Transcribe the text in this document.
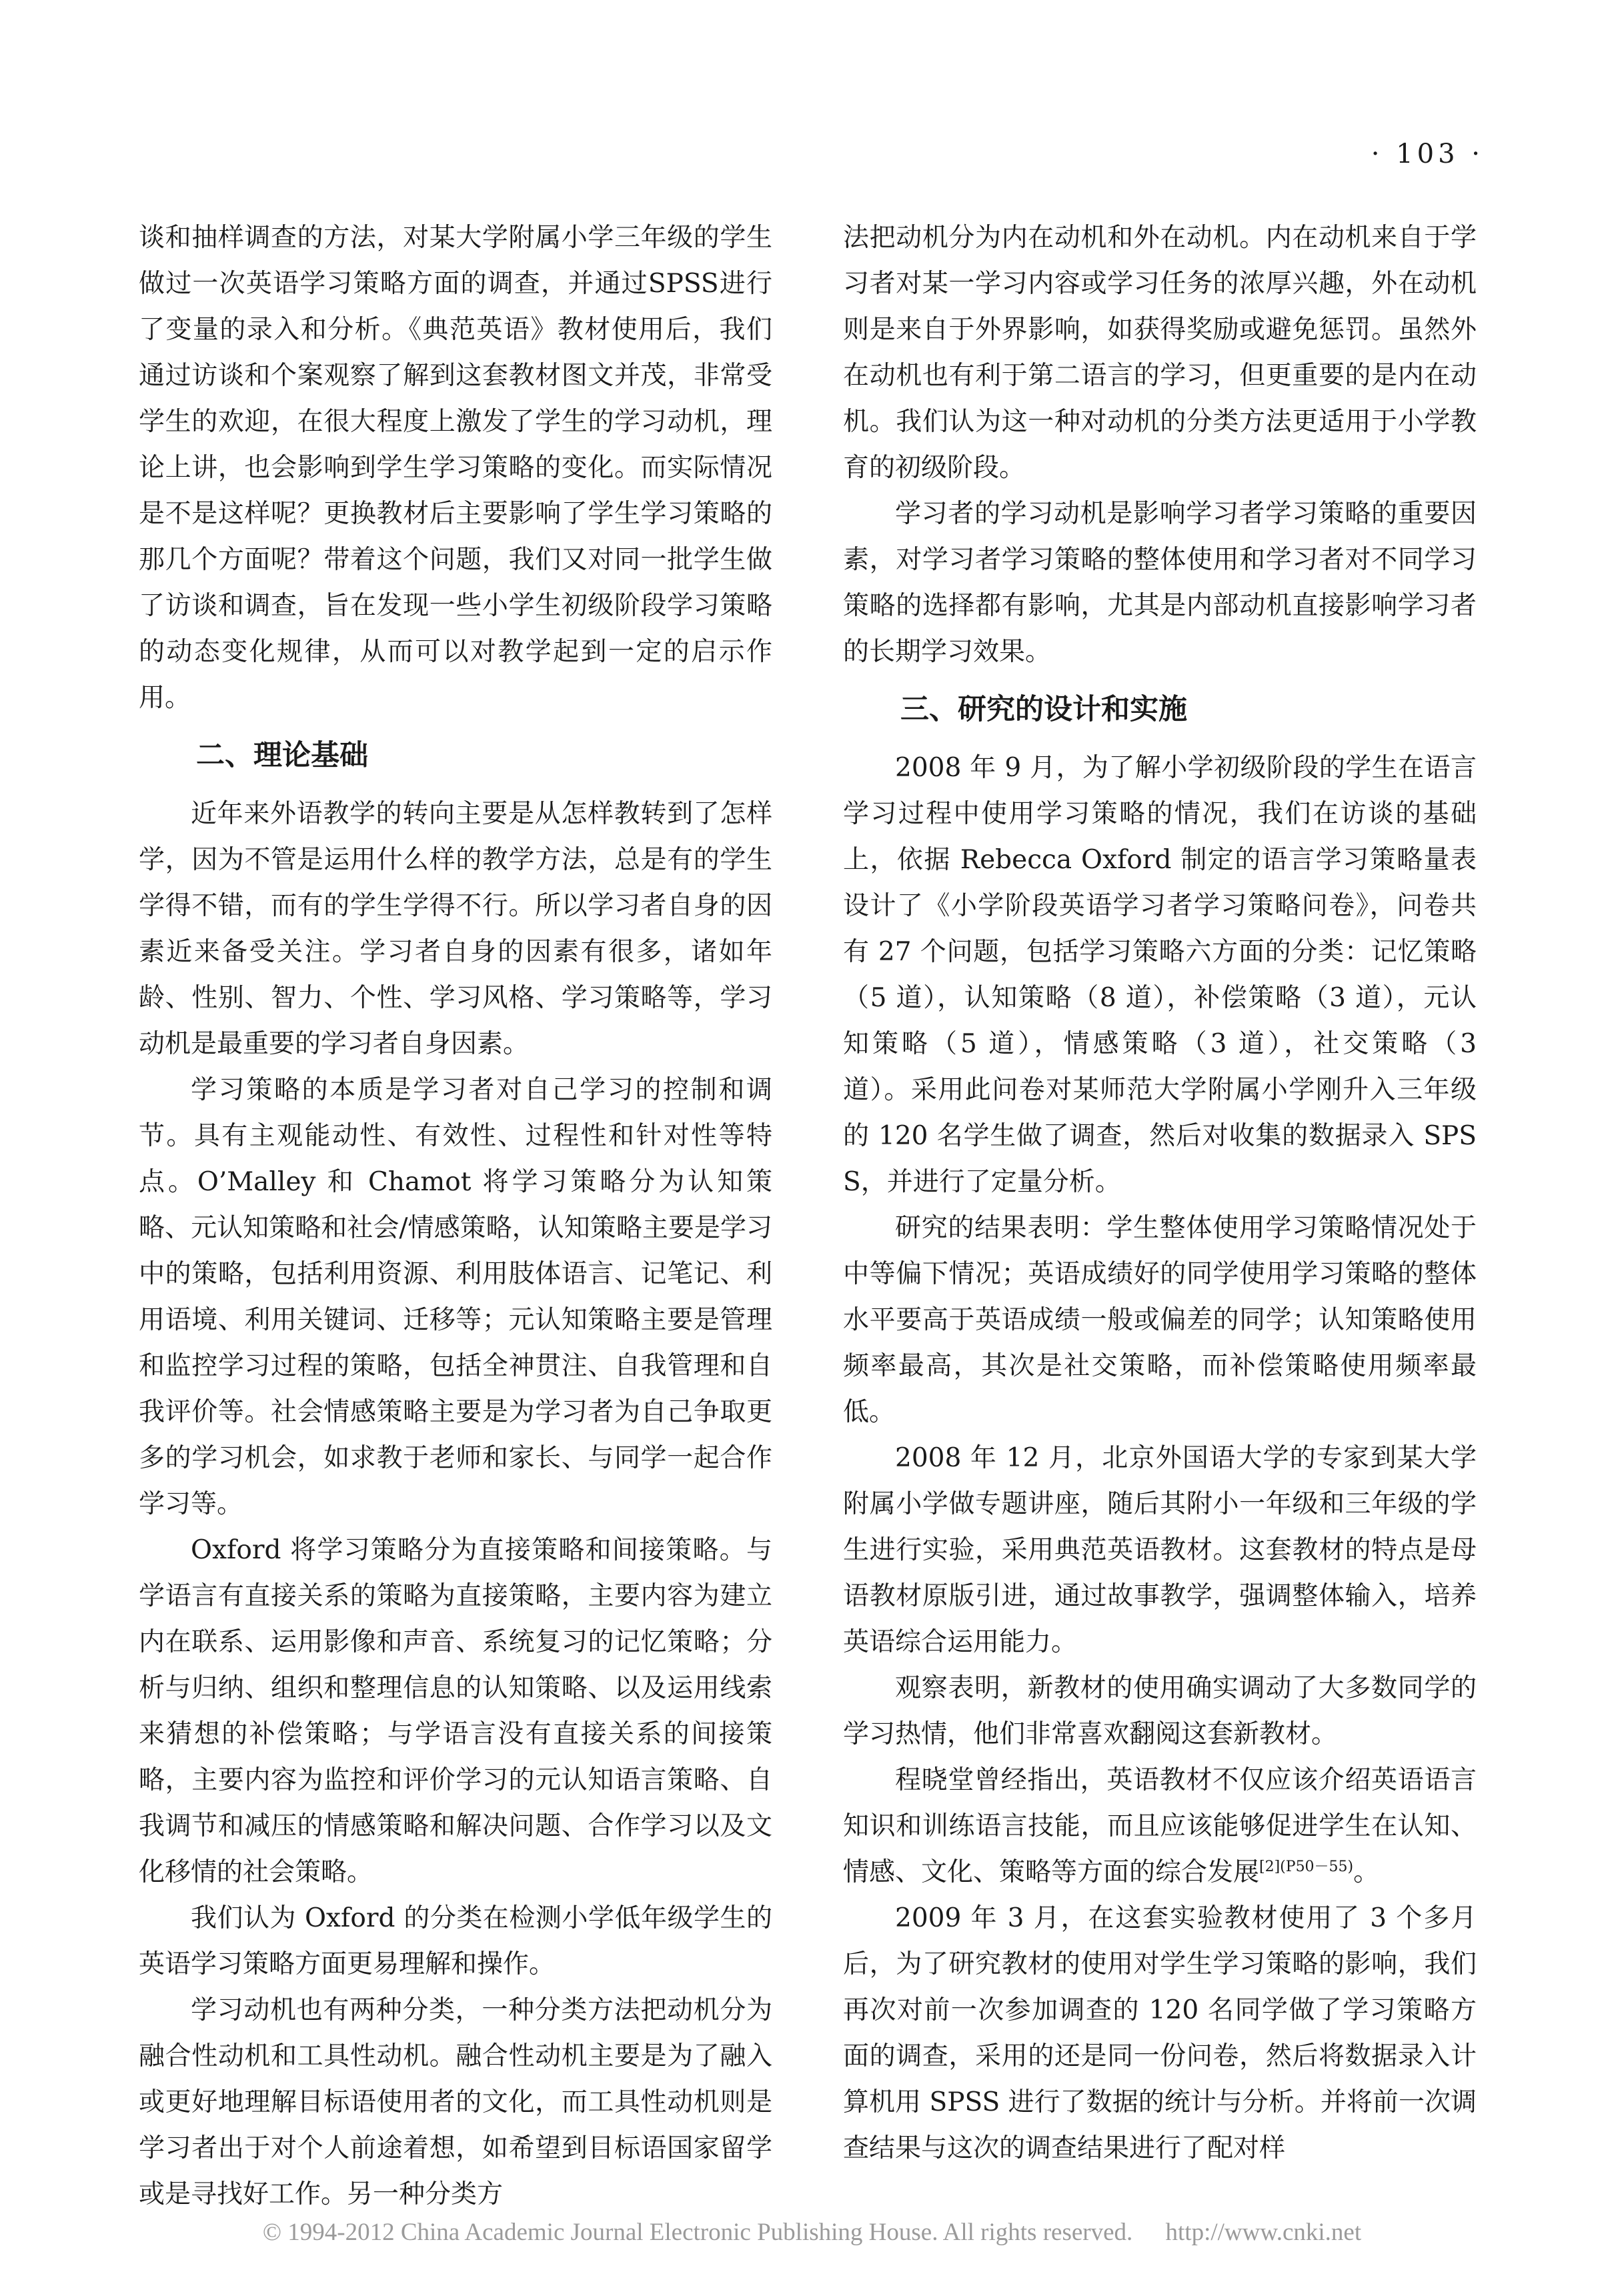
· 103 ·

谈和抽样调查的方法，对某大学附属小学三年级的学生做过一次英语学习策略方面的调查，并通过SPSS进行了变量的录入和分析。《典范英语》教材使用后，我们通过访谈和个案观察了解到这套教材图文并茂，非常受学生的欢迎，在很大程度上激发了学生的学习动机，理论上讲，也会影响到学生学习策略的变化。而实际情况是不是这样呢？更换教材后主要影响了学生学习策略的那几个方面呢？带着这个问题，我们又对同一批学生做了访谈和调查，旨在发现一些小学生初级阶段学习策略的动态变化规律，从而可以对教学起到一定的启示作用。

二、理论基础

近年来外语教学的转向主要是从怎样教转到了怎样学，因为不管是运用什么样的教学方法，总是有的学生学得不错，而有的学生学得不行。所以学习者自身的因素近来备受关注。学习者自身的因素有很多，诸如年龄、性别、智力、个性、学习风格、学习策略等，学习动机是最重要的学习者自身因素。

学习策略的本质是学习者对自己学习的控制和调节。具有主观能动性、有效性、过程性和针对性等特点。O’Malley 和 Chamot 将学习策略分为认知策略、元认知策略和社会/情感策略，认知策略主要是学习中的策略，包括利用资源、利用肢体语言、记笔记、利用语境、利用关键词、迁移等；元认知策略主要是管理和监控学习过程的策略，包括全神贯注、自我管理和自我评价等。社会情感策略主要是为学习者为自己争取更多的学习机会，如求教于老师和家长、与同学一起合作学习等。

Oxford 将学习策略分为直接策略和间接策略。与学语言有直接关系的策略为直接策略，主要内容为建立内在联系、运用影像和声音、系统复习的记忆策略；分析与归纳、组织和整理信息的认知策略、以及运用线索来猜想的补偿策略；与学语言没有直接关系的间接策略，主要内容为监控和评价学习的元认知语言策略、自我调节和减压的情感策略和解决问题、合作学习以及文化移情的社会策略。

我们认为 Oxford 的分类在检测小学低年级学生的英语学习策略方面更易理解和操作。

学习动机也有两种分类，一种分类方法把动机分为融合性动机和工具性动机。融合性动机主要是为了融入或更好地理解目标语使用者的文化，而工具性动机则是学习者出于对个人前途着想，如希望到目标语国家留学或是寻找好工作。另一种分类方

法把动机分为内在动机和外在动机。内在动机来自于学习者对某一学习内容或学习任务的浓厚兴趣，外在动机则是来自于外界影响，如获得奖励或避免惩罚。虽然外在动机也有利于第二语言的学习，但更重要的是内在动机。我们认为这一种对动机的分类方法更适用于小学教育的初级阶段。

学习者的学习动机是影响学习者学习策略的重要因素，对学习者学习策略的整体使用和学习者对不同学习策略的选择都有影响，尤其是内部动机直接影响学习者的长期学习效果。

三、研究的设计和实施

2008 年 9 月，为了解小学初级阶段的学生在语言学习过程中使用学习策略的情况，我们在访谈的基础上，依据 Rebecca Oxford 制定的语言学习策略量表设计了《小学阶段英语学习者学习策略问卷》，问卷共有 27 个问题，包括学习策略六方面的分类：记忆策略（5 道），认知策略（8 道），补偿策略（3 道），元认知策略（5 道），情感策略（3 道），社交策略（3 道）。采用此问卷对某师范大学附属小学刚升入三年级的 120 名学生做了调查，然后对收集的数据录入 SPSS，并进行了定量分析。

研究的结果表明：学生整体使用学习策略情况处于中等偏下情况；英语成绩好的同学使用学习策略的整体水平要高于英语成绩一般或偏差的同学；认知策略使用频率最高，其次是社交策略，而补偿策略使用频率最低。

2008 年 12 月，北京外国语大学的专家到某大学附属小学做专题讲座，随后其附小一年级和三年级的学生进行实验，采用典范英语教材。这套教材的特点是母语教材原版引进，通过故事教学，强调整体输入，培养英语综合运用能力。

观察表明，新教材的使用确实调动了大多数同学的学习热情，他们非常喜欢翻阅这套新教材。

程晓堂曾经指出，英语教材不仅应该介绍英语语言知识和训练语言技能，而且应该能够促进学生在认知、情感、文化、策略等方面的综合发展$^{[2](P50-55)}$。

2009 年 3 月，在这套实验教材使用了 3 个多月后，为了研究教材的使用对学生学习策略的影响，我们再次对前一次参加调查的 120 名同学做了学习策略方面的调查，采用的还是同一份问卷，然后将数据录入计算机用 SPSS 进行了数据的统计与分析。并将前一次调查结果与这次的调查结果进行了配对样

© 1994-2012 China Academic Journal Electronic Publishing House. All rights reserved. http://www.cnki.net
